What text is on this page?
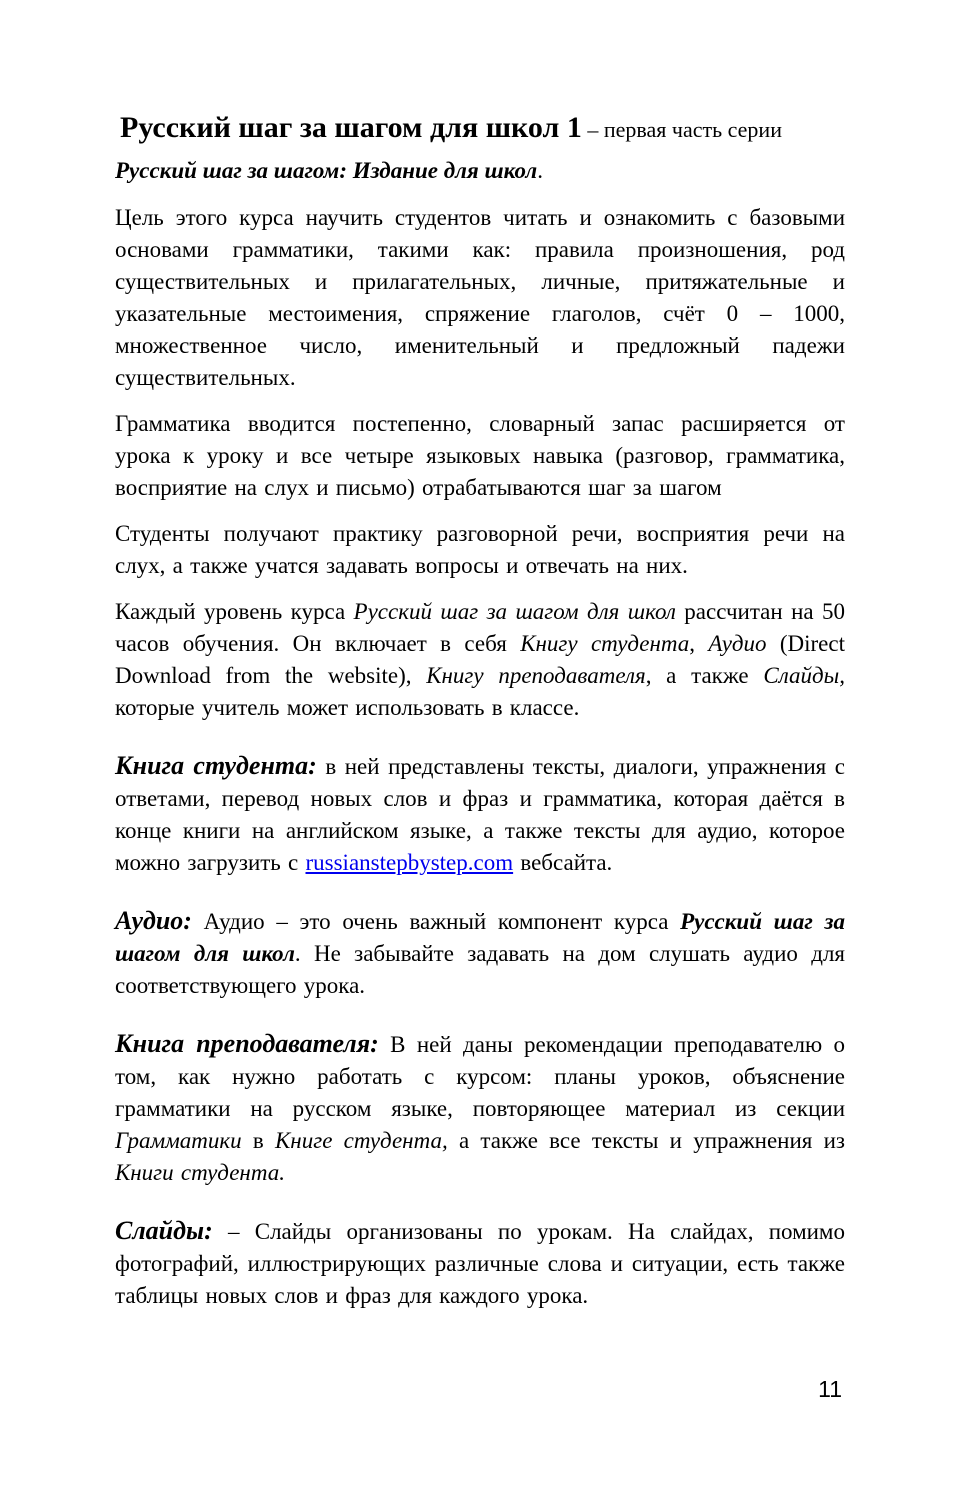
Русский шаг за шагом для школ 1 – первая часть серии

Русский шаг за шагом: Издание для школ.

Цель этого курса научить студентов читать и ознакомить с базовыми основами грамматики, такими как: правила произношения, род существительных и прилагательных, личные, притяжательные и указательные местоимения, спряжение глаголов, счёт 0 – 1000, множественное число, именительный и предложный падежи существительных.

Грамматика вводится постепенно, словарный запас расширяется от урока к уроку и все четыре языковых навыка (разговор, грамматика, восприятие на слух и письмо) отрабатываются шаг за шагом

Студенты получают практику разговорной речи, восприятия речи на слух, а также учатся задавать вопросы и отвечать на них.

Каждый уровень курса Русский шаг за шагом для школ рассчитан на 50 часов обучения. Он включает в себя Книгу студента, Аудио (Direct Download from the website), Книгу преподавателя, а также Слайды, которые учитель может использовать в классе.

Книга студента: в ней представлены тексты, диалоги, упражнения с ответами, перевод новых слов и фраз и грамматика, которая даётся в конце книги на английском языке, а также тексты для аудио, которое можно загрузить с russianstepbystep.com вебсайта.

Аудио: Аудио – это очень важный компонент курса Русский шаг за шагом для школ. Не забывайте задавать на дом слушать аудио для соответствующего урока.

Книга преподавателя: В ней даны рекомендации преподавателю о том, как нужно работать с курсом: планы уроков, объяснение грамматики на русском языке, повторяющее материал из секции Грамматики в Книге студента, а также все тексты и упражнения из Книги студента.

Слайды: – Слайды организованы по урокам. На слайдах, помимо фотографий, иллюстрирующих различные слова и ситуации, есть также таблицы новых слов и фраз для каждого урока.

11
